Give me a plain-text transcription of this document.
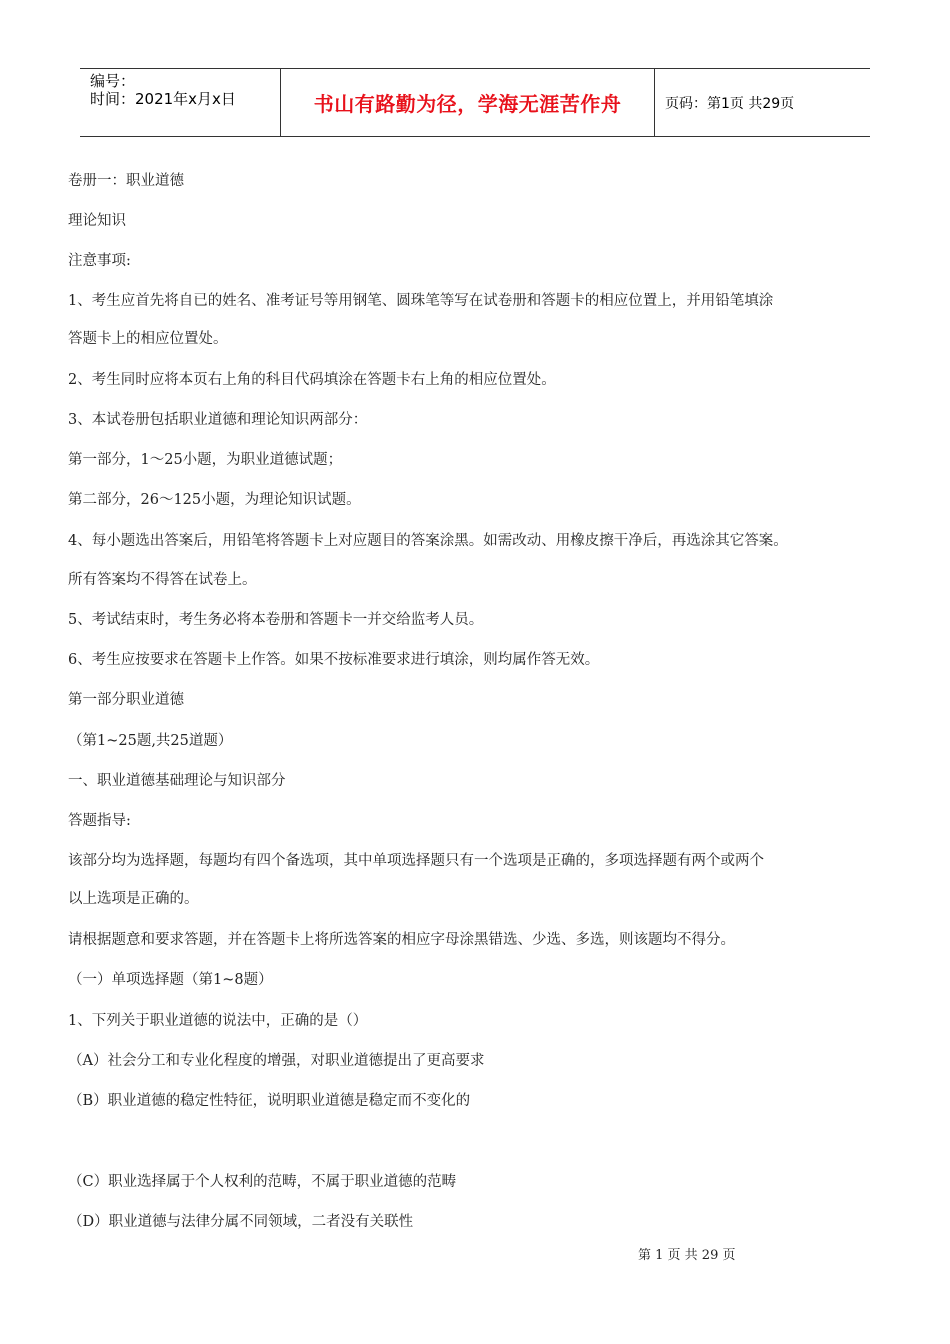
编号：
时间：2021年x月x日	书山有路勤为径，学海无涯苦作舟	页码：第1页 共29页
卷册一：职业道德
理论知识
注意事项:
1、考生应首先将自已的姓名、准考证号等用钢笔、圆珠笔等写在试卷册和答题卡的相应位置上，并用铅笔填涂
答题卡上的相应位置处。
2、考生同时应将本页右上角的科目代码填涂在答题卡右上角的相应位置处。
3、本试卷册包括职业道德和理论知识两部分：
第一部分，1～25小题，为职业道德试题；
第二部分，26～125小题，为理论知识试题。
4、每小题选出答案后，用铅笔将答题卡上对应题目的答案涂黑。如需改动、用橡皮擦干净后，再选涂其它答案。
所有答案均不得答在试卷上。
5、考试结束时，考生务必将本卷册和答题卡一并交给监考人员。
6、考生应按要求在答题卡上作答。如果不按标准要求进行填涂，则均属作答无效。
第一部分职业道德
（第1~25题,共25道题）
一、职业道德基础理论与知识部分
答题指导:
该部分均为选择题，每题均有四个备选项，其中单项选择题只有一个选项是正确的，多项选择题有两个或两个
以上选项是正确的。
请根据题意和要求答题，并在答题卡上将所选答案的相应字母涂黑错选、少选、多选，则该题均不得分。
（一）单项选择题（第1~8题）
1、下列关于职业道德的说法中，正确的是（）
（A）社会分工和专业化程度的增强，对职业道德提出了更高要求
（B）职业道德的稳定性特征，说明职业道德是稳定而不变化的
（C）职业选择属于个人权利的范畴，不属于职业道德的范畴
（D）职业道德与法律分属不同领域，二者没有关联性
第 1 页 共 29 页
